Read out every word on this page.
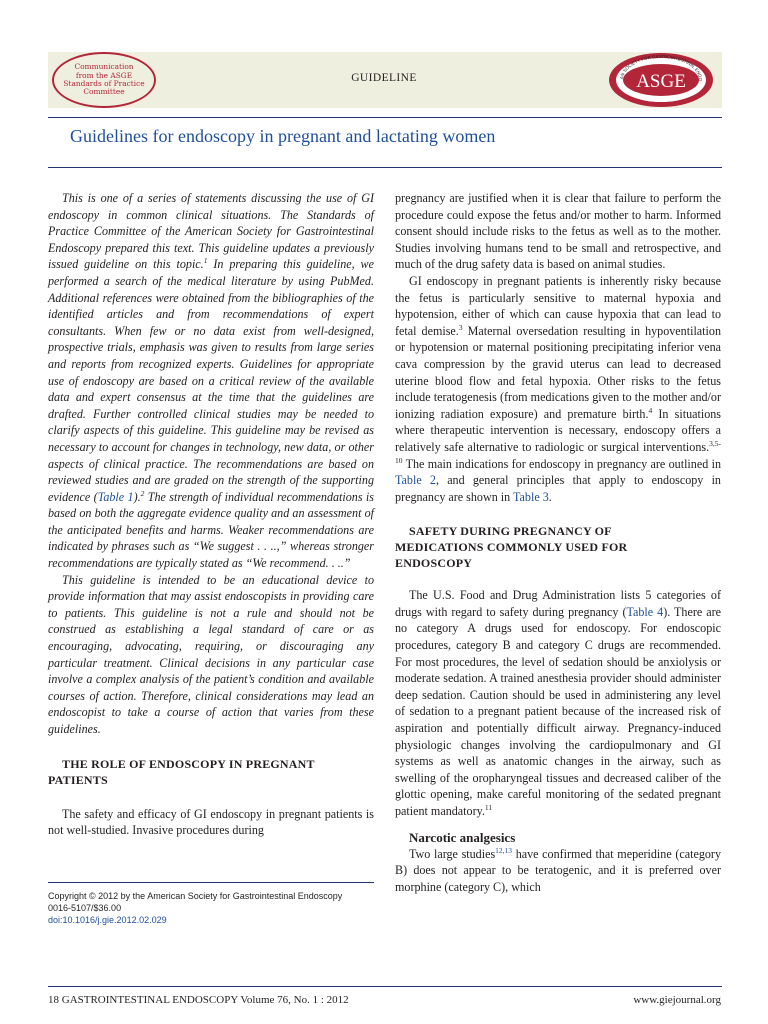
Communication
from the ASGE
Standards of Practice
Committee
GUIDELINE	AN SOCIETY FOR GASTROINTESTINAL ENDO
ASGE
Guidelines for endoscopy in pregnant and lactating women

This is one of a series of statements discussing the use of GI endoscopy in common clinical situations. The Standards of Practice Committee of the American Society for Gastrointestinal Endoscopy prepared this text. This guideline updates a previously issued guideline on this topic.$^1$ In preparing this guideline, we performed a search of the medical literature by using PubMed. Additional references were obtained from the bibliographies of the identified articles and from recommendations of expert consultants. When few or no data exist from well-designed, prospective trials, emphasis was given to results from large series and reports from recognized experts. Guidelines for appropriate use of endoscopy are based on a critical review of the available data and expert consensus at the time that the guidelines are drafted. Further controlled clinical studies may be needed to clarify aspects of this guideline. This guideline may be revised as necessary to account for changes in technology, new data, or other aspects of clinical practice. The recommendations are based on reviewed studies and are graded on the strength of the supporting evidence (Table 1).$^2$ The strength of individual recommendations is based on both the aggregate evidence quality and an assessment of the anticipated benefits and harms. Weaker recommendations are indicated by phrases such as “We suggest . . ..,” whereas stronger recommendations are typically stated as “We recommend. . ..”

This guideline is intended to be an educational device to provide information that may assist endoscopists in providing care to patients. This guideline is not a rule and should not be construed as establishing a legal standard of care or as encouraging, advocating, requiring, or discouraging any particular treatment. Clinical decisions in any particular case involve a complex analysis of the patient’s condition and available courses of action. Therefore, clinical considerations may lead an endoscopist to take a course of action that varies from these guidelines.

THE ROLE OF ENDOSCOPY IN PREGNANT PATIENTS

The safety and efficacy of GI endoscopy in pregnant patients is not well-studied. Invasive procedures during

Copyright © 2012 by the American Society for Gastrointestinal Endoscopy
0016-5107/$36.00
doi:10.1016/j.gie.2012.02.029

pregnancy are justified when it is clear that failure to perform the procedure could expose the fetus and/or mother to harm. Informed consent should include risks to the fetus as well as to the mother. Studies involving humans tend to be small and retrospective, and much of the drug safety data is based on animal studies.

GI endoscopy in pregnant patients is inherently risky because the fetus is particularly sensitive to maternal hypoxia and hypotension, either of which can cause hypoxia that can lead to fetal demise.$^3$ Maternal oversedation resulting in hypoventilation or hypotension or maternal positioning precipitating inferior vena cava compression by the gravid uterus can lead to decreased uterine blood flow and fetal hypoxia. Other risks to the fetus include teratogenesis (from medications given to the mother and/or ionizing radiation exposure) and premature birth.$^4$ In situations where therapeutic intervention is necessary, endoscopy offers a relatively safe alternative to radiologic or surgical interventions.$^{3,5-10}$ The main indications for endoscopy in pregnancy are outlined in Table 2, and general principles that apply to endoscopy in pregnancy are shown in Table 3.

SAFETY DURING PREGNANCY OF MEDICATIONS COMMONLY USED FOR ENDOSCOPY

The U.S. Food and Drug Administration lists 5 categories of drugs with regard to safety during pregnancy (Table 4). There are no category A drugs used for endoscopy. For endoscopic procedures, category B and category C drugs are recommended. For most procedures, the level of sedation should be anxiolysis or moderate sedation. A trained anesthesia provider should administer deep sedation. Caution should be used in administering any level of sedation to a pregnant patient because of the increased risk of aspiration and potentially difficult airway. Pregnancy-induced physiologic changes involving the cardiopulmonary and GI systems as well as anatomic changes in the airway, such as swelling of the oropharyngeal tissues and decreased caliber of the glottic opening, make careful monitoring of the sedated pregnant patient mandatory.$^{11}$

Narcotic analgesics

Two large studies$^{12,13}$ have confirmed that meperidine (category B) does not appear to be teratogenic, and it is preferred over morphine (category C), which

18 GASTROINTESTINAL ENDOSCOPY Volume 76, No. 1 : 2012	www.giejournal.org
